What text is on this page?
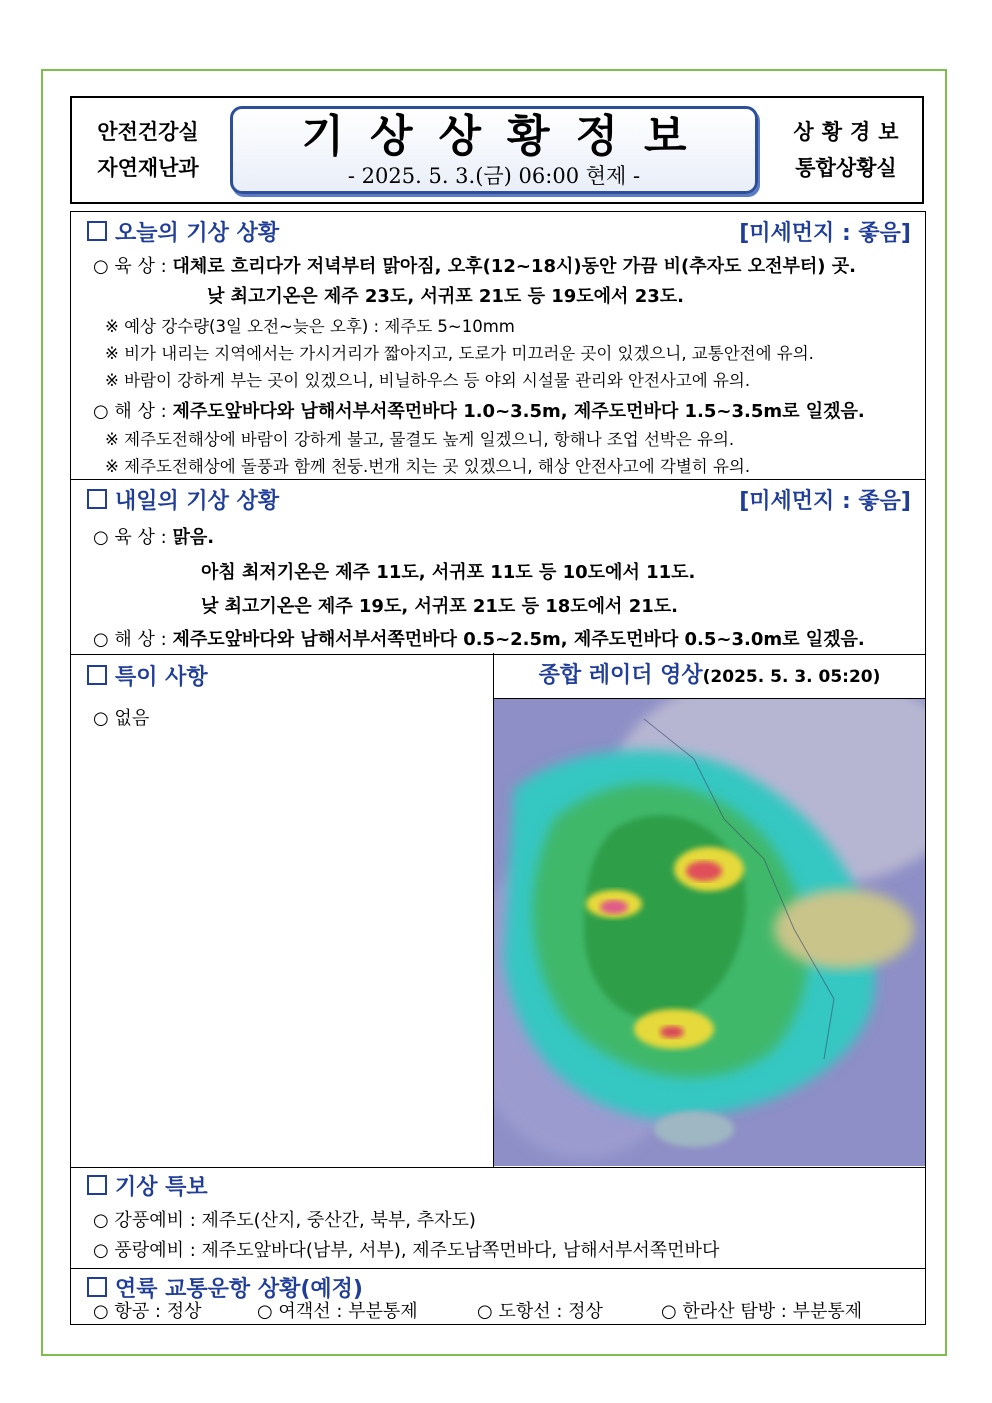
안전건강실
자연재난과
기상상황정보
- 2025. 5. 3.(금) 06:00 현제 -
상황경보
통합상황실
오늘의 기상 상황	[미세먼지 : 좋음]
○ 육 상 : 대체로 흐리다가 저녁부터 맑아짐, 오후(12~18시)동안 가끔 비(추자도 오전부터) 곳.
낮 최고기온은 제주 23도, 서귀포 21도 등 19도에서 23도.
※ 예상 강수량(3일 오전~늦은 오후) : 제주도 5~10mm
※ 비가 내리는 지역에서는 가시거리가 짧아지고, 도로가 미끄러운 곳이 있겠으니, 교통안전에 유의.
※ 바람이 강하게 부는 곳이 있겠으니, 비닐하우스 등 야외 시설물 관리와 안전사고에 유의.
○ 해 상 : 제주도앞바다와 남해서부서쪽먼바다 1.0~3.5m, 제주도먼바다 1.5~3.5m로 일겠음.
※ 제주도전해상에 바람이 강하게 불고, 물결도 높게 일겠으니, 항해나 조업 선박은 유의.
※ 제주도전해상에 돌풍과 함께 천둥.번개 치는 곳 있겠으니, 해상 안전사고에 각별히 유의.
내일의 기상 상황	[미세먼지 : 좋음]
○ 육 상 : 맑음.
아침 최저기온은 제주 11도, 서귀포 11도 등 10도에서 11도.
낮 최고기온은 제주 19도, 서귀포 21도 등 18도에서 21도.
○ 해 상 : 제주도앞바다와 남해서부서쪽먼바다 0.5~2.5m, 제주도먼바다 0.5~3.0m로 일겠음.
특이 사항
○ 없음
종합 레이더 영상(2025. 5. 3. 05:20)
기상 특보
○ 강풍예비 : 제주도(산지, 중산간, 북부, 추자도)
○ 풍랑예비 : 제주도앞바다(남부, 서부), 제주도남쪽먼바다, 남해서부서쪽먼바다
연륙 교통운항 상황(예정)
○ 항공 : 정상	○ 여객선 : 부분통제	○ 도항선 : 정상	○ 한라산 탐방 : 부분통제
